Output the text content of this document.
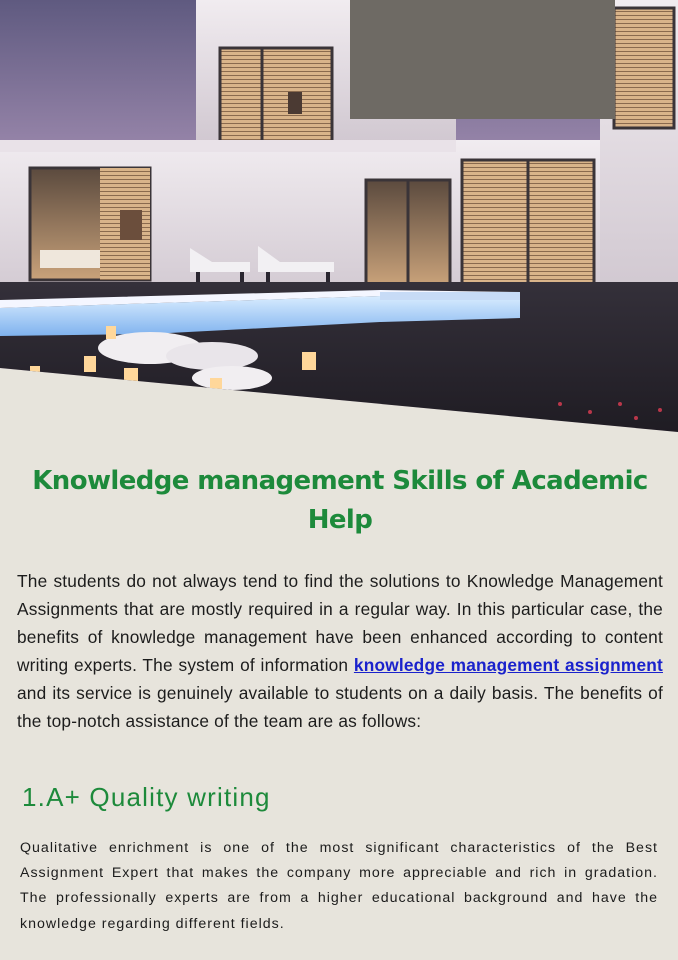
Knowledge management Skills of Academic Help

The students do not always tend to find the solutions to Knowledge Management Assignments that are mostly required in a regular way. In this particular case, the benefits of knowledge management have been enhanced according to content writing experts. The system of information knowledge management assignment and its service is genuinely available to students on a daily basis. The benefits of the top-notch assistance of the team are as follows:

1.A+ Quality writing

Qualitative enrichment is one of the most significant characteristics of the Best Assignment Expert that makes the company more appreciable and rich in gradation. The professionally experts are from a higher educational background and have the knowledge regarding different fields.
